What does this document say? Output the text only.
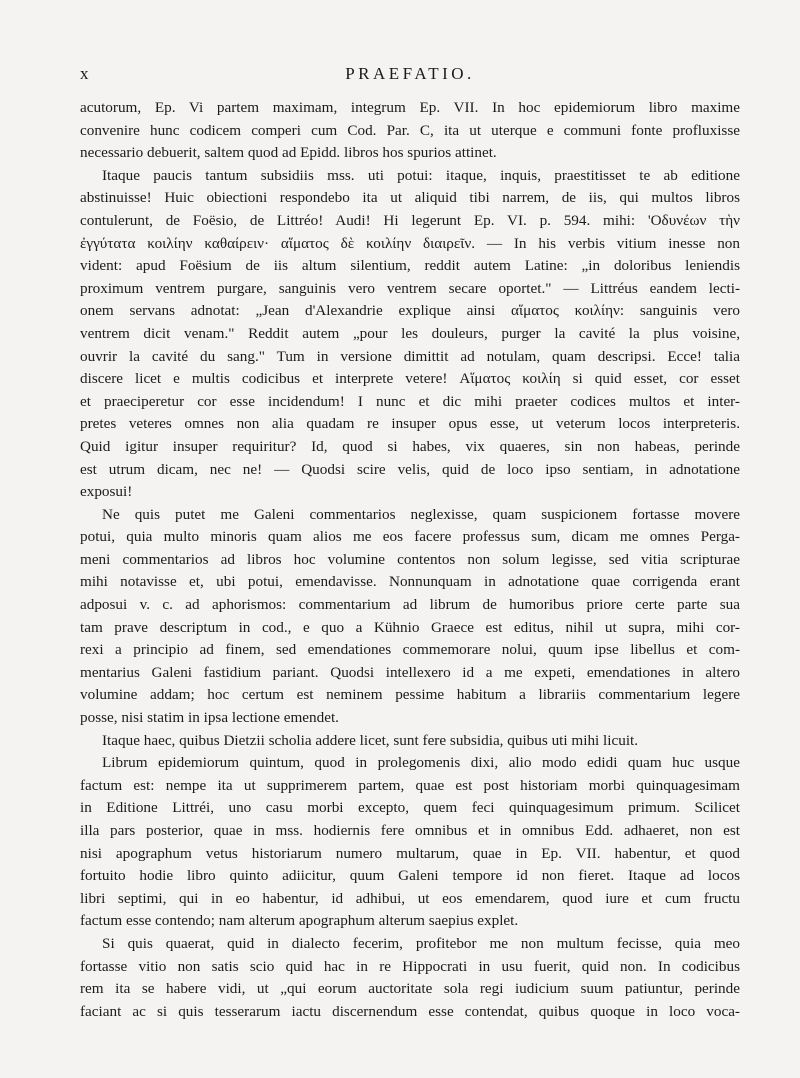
x	PRAEFATIO.
acutorum, Ep. Vi partem maximam, integrum Ep. VII. In hoc epidemiorum libro maxime
convenire hunc codicem comperi cum Cod. Par. C, ita ut uterque e communi fonte profluxisse
necessario debuerit, saltem quod ad Epidd. libros hos spurios attinet.
Itaque paucis tantum subsidiis mss. uti potui: itaque, inquis, praestitisset te ab editione
abstinuisse! Huic obiectioni respondebo ita ut aliquid tibi narrem, de iis, qui multos libros
contulerunt, de Foësio, de Littréo! Audi! Hi legerunt Ep. VI. p. 594. mihi: 'Οδυνέων τὴν
ἐγγύτατα κοιλίην καθαίρειν· αἵματος δὲ κοιλίην διαιρεῖν. — In his verbis vitium inesse non
vident: apud Foësium de iis altum silentium, reddit autem Latine: „in doloribus leniendis
proximum ventrem purgare, sanguinis vero ventrem secare oportet." — Littréus eandem lecti-
onem servans adnotat: „Jean d'Alexandrie explique ainsi αἵματος κοιλίην: sanguinis vero
ventrem dicit venam." Reddit autem „pour les douleurs, purger la cavité la plus voisine,
ouvrir la cavité du sang." Tum in versione dimittit ad notulam, quam descripsi. Ecce! talia
discere licet e multis codicibus et interprete vetere! Αἵματος κοιλίη si quid esset, cor esset
et praeciperetur cor esse incidendum! I nunc et dic mihi praeter codices multos et inter-
pretes veteres omnes non alia quadam re insuper opus esse, ut veterum locos interpreteris.
Quid igitur insuper requiritur? Id, quod si habes, vix quaeres, sin non habeas, perinde
est utrum dicam, nec ne! — Quodsi scire velis, quid de loco ipso sentiam, in adnotatione
exposui!
Ne quis putet me Galeni commentarios neglexisse, quam suspicionem fortasse movere
potui, quia multo minoris quam alios me eos facere professus sum, dicam me omnes Perga-
meni commentarios ad libros hoc volumine contentos non solum legisse, sed vitia scripturae
mihi notavisse et, ubi potui, emendavisse. Nonnunquam in adnotatione quae corrigenda erant
adposui v. c. ad aphorismos: commentarium ad librum de humoribus priore certe parte sua
tam prave descriptum in cod., e quo a Kühnio Graece est editus, nihil ut supra, mihi cor-
rexi a principio ad finem, sed emendationes commemorare nolui, quum ipse libellus et com-
mentarius Galeni fastidium pariant. Quodsi intellexero id a me expeti, emendationes in altero
volumine addam; hoc certum est neminem pessime habitum a librariis commentarium legere
posse, nisi statim in ipsa lectione emendet.
Itaque haec, quibus Dietzii scholia addere licet, sunt fere subsidia, quibus uti mihi licuit.
Librum epidemiorum quintum, quod in prolegomenis dixi, alio modo edidi quam huc usque
factum est: nempe ita ut supprimerem partem, quae est post historiam morbi quinquagesimam
in Editione Littréi, uno casu morbi excepto, quem feci quinquagesimum primum. Scilicet
illa pars posterior, quae in mss. hodiernis fere omnibus et in omnibus Edd. adhaeret, non est
nisi apographum vetus historiarum numero multarum, quae in Ep. VII. habentur, et quod
fortuito hodie libro quinto adiicitur, quum Galeni tempore id non fieret. Itaque ad locos
libri septimi, qui in eo habentur, id adhibui, ut eos emendarem, quod iure et cum fructu
factum esse contendo; nam alterum apographum alterum saepius explet.
Si quis quaerat, quid in dialecto fecerim, profitebor me non multum fecisse, quia meo
fortasse vitio non satis scio quid hac in re Hippocrati in usu fuerit, quid non. In codicibus
rem ita se habere vidi, ut „qui eorum auctoritate sola regi iudicium suum patiuntur, perinde
faciant ac si quis tesserarum iactu discernendum esse contendat, quibus quoque in loco voca-
